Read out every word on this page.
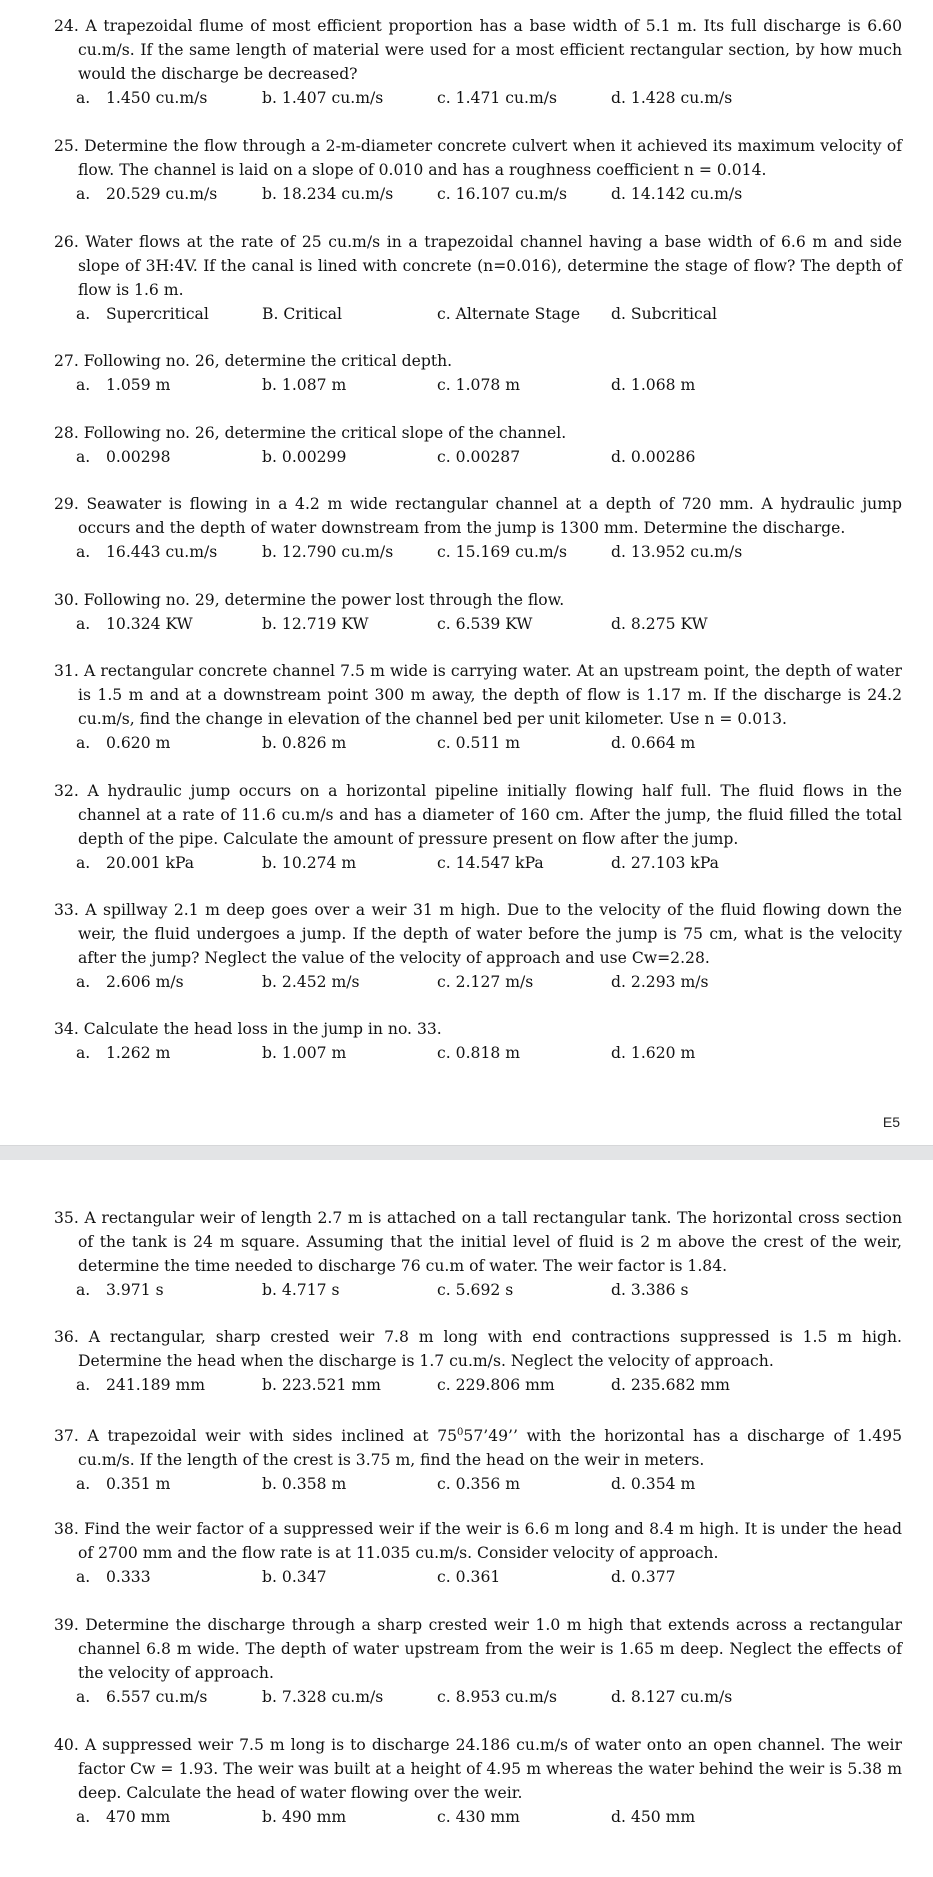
24. A trapezoidal flume of most efficient proportion has a base width of 5.1 m. Its full discharge is 6.60 cu.m/s. If the same length of material were used for a most efficient rectangular section, by how much would the discharge be decreased?
a. 1.450 cu.m/s	b. 1.407 cu.m/s	c. 1.471 cu.m/s	d. 1.428 cu.m/s
25. Determine the flow through a 2-m-diameter concrete culvert when it achieved its maximum velocity of flow. The channel is laid on a slope of 0.010 and has a roughness coefficient n = 0.014.
a. 20.529 cu.m/s	b. 18.234 cu.m/s	c. 16.107 cu.m/s	d. 14.142 cu.m/s
26. Water flows at the rate of 25 cu.m/s in a trapezoidal channel having a base width of 6.6 m and side slope of 3H:4V. If the canal is lined with concrete (n=0.016), determine the stage of flow? The depth of flow is 1.6 m.
a. Supercritical	B. Critical	c. Alternate Stage d. Subcritical
27. Following no. 26, determine the critical depth.
a. 1.059 m	b. 1.087 m	c. 1.078 m	d. 1.068 m
28. Following no. 26, determine the critical slope of the channel.
a. 0.00298	b. 0.00299	c. 0.00287	d. 0.00286
29. Seawater is flowing in a 4.2 m wide rectangular channel at a depth of 720 mm. A hydraulic jump occurs and the depth of water downstream from the jump is 1300 mm. Determine the discharge.
a. 16.443 cu.m/s	b. 12.790 cu.m/s	c. 15.169 cu.m/s	d. 13.952 cu.m/s
30. Following no. 29, determine the power lost through the flow.
a. 10.324 KW	b. 12.719 KW	c. 6.539 KW	d. 8.275 KW
31. A rectangular concrete channel 7.5 m wide is carrying water. At an upstream point, the depth of water is 1.5 m and at a downstream point 300 m away, the depth of flow is 1.17 m. If the discharge is 24.2 cu.m/s, find the change in elevation of the channel bed per unit kilometer. Use n = 0.013.
a. 0.620 m	b. 0.826 m	c. 0.511 m	d. 0.664 m
32. A hydraulic jump occurs on a horizontal pipeline initially flowing half full. The fluid flows in the channel at a rate of 11.6 cu.m/s and has a diameter of 160 cm. After the jump, the fluid filled the total depth of the pipe. Calculate the amount of pressure present on flow after the jump.
a. 20.001 kPa	b. 10.274 m	c. 14.547 kPa	d. 27.103 kPa
33. A spillway 2.1 m deep goes over a weir 31 m high. Due to the velocity of the fluid flowing down the weir, the fluid undergoes a jump. If the depth of water before the jump is 75 cm, what is the velocity after the jump? Neglect the value of the velocity of approach and use Cw=2.28.
a. 2.606 m/s	b. 2.452 m/s	c. 2.127 m/s	d. 2.293 m/s
34. Calculate the head loss in the jump in no. 33.
a. 1.262 m	b. 1.007 m	c. 0.818 m	d. 1.620 m
E5
35. A rectangular weir of length 2.7 m is attached on a tall rectangular tank. The horizontal cross section of the tank is 24 m square. Assuming that the initial level of fluid is 2 m above the crest of the weir, determine the time needed to discharge 76 cu.m of water. The weir factor is 1.84.
a. 3.971 s	b. 4.717 s	c. 5.692 s	d. 3.386 s
36. A rectangular, sharp crested weir 7.8 m long with end contractions suppressed is 1.5 m high. Determine the head when the discharge is 1.7 cu.m/s. Neglect the velocity of approach.
a. 241.189 mm	b. 223.521 mm	c. 229.806 mm	d. 235.682 mm
37. A trapezoidal weir with sides inclined at $75^057’49$’’ with the horizontal has a discharge of 1.495 cu.m/s. If the length of the crest is 3.75 m, find the head on the weir in meters.
a. 0.351 m	b. 0.358 m	c. 0.356 m	d. 0.354 m
38. Find the weir factor of a suppressed weir if the weir is 6.6 m long and 8.4 m high. It is under the head of 2700 mm and the flow rate is at 11.035 cu.m/s. Consider velocity of approach.
a. 0.333	b. 0.347	c. 0.361	d. 0.377
39. Determine the discharge through a sharp crested weir 1.0 m high that extends across a rectangular channel 6.8 m wide. The depth of water upstream from the weir is 1.65 m deep. Neglect the effects of the velocity of approach.
a. 6.557 cu.m/s	b. 7.328 cu.m/s	c. 8.953 cu.m/s	d. 8.127 cu.m/s
40. A suppressed weir 7.5 m long is to discharge 24.186 cu.m/s of water onto an open channel. The weir factor Cw = 1.93. The weir was built at a height of 4.95 m whereas the water behind the weir is 5.38 m deep. Calculate the head of water flowing over the weir.
a. 470 mm	b. 490 mm	c. 430 mm	d. 450 mm
